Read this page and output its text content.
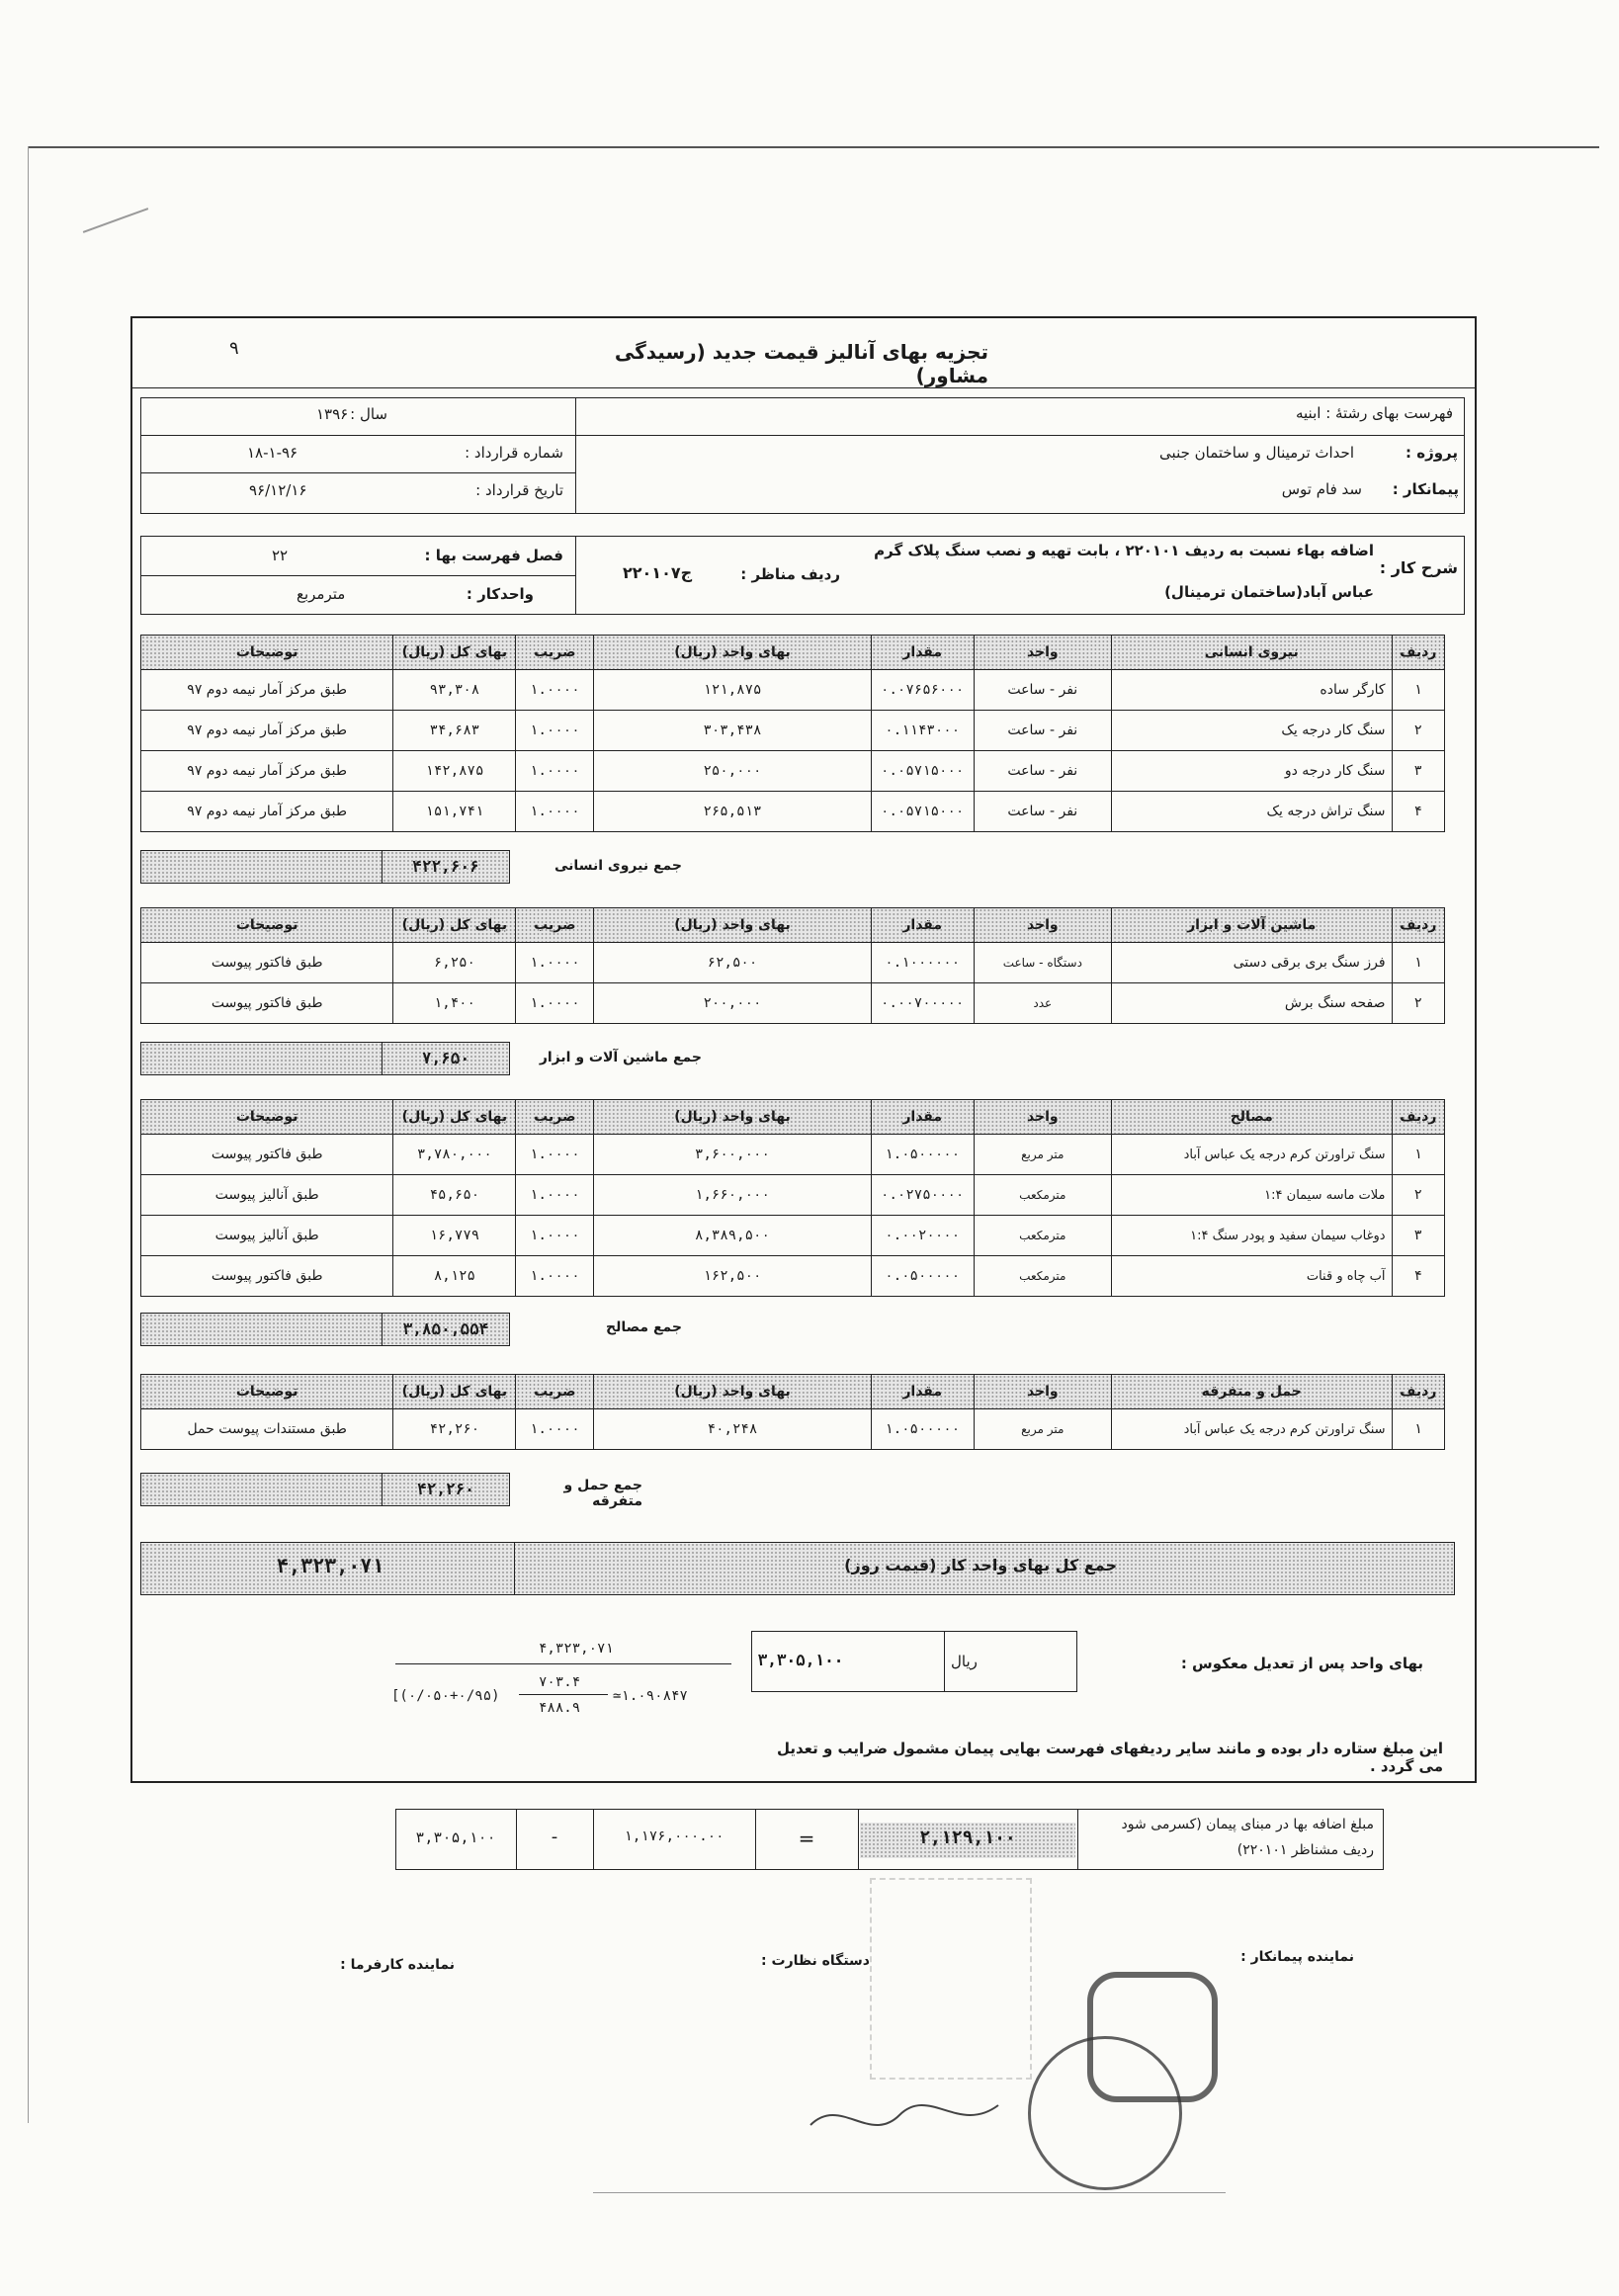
تجزیه بهای آنالیز قیمت جدید (رسیدگی مشاور)
۹
فهرست بهای رشتهٔ : ابنیه
سال :
۱۳۹۶
پروژه :
احداث ترمینال و ساختمان جنبی
پیمانکار :
سد فام توس
شماره قرارداد :
۱۸-۱-۹۶
تاریخ قرارداد :
۹۶/۱۲/۱۶
شرح کار :
اضافه بهاء نسبت به ردیف ۲۲۰۱۰۱ ، بابت تهیه و نصب سنگ پلاک گرم
عباس آباد(ساختمان ترمینال)
ردیف مناظر :
ج۲۲۰۱۰۷
فصل فهرست بها :
۲۲
واحدکار :
مترمربع
ردیف	نیروی انسانی	واحد	مقدار	بهای واحد (ریال)	ضریب	بهای کل (ریال)	توضیحات
۱	کارگر ساده	نفر - ساعت	۰.۰۷۶۵۶۰۰۰	۱۲۱,۸۷۵	۱.۰۰۰۰	۹۳,۳۰۸	طبق مرکز آمار نیمه دوم ۹۷
۲	سنگ کار درجه یک	نفر - ساعت	۰.۱۱۴۳۰۰۰	۳۰۳,۴۳۸	۱.۰۰۰۰	۳۴,۶۸۳	طبق مرکز آمار نیمه دوم ۹۷
۳	سنگ کار درجه دو	نفر - ساعت	۰.۰۵۷۱۵۰۰۰	۲۵۰,۰۰۰	۱.۰۰۰۰	۱۴۲,۸۷۵	طبق مرکز آمار نیمه دوم ۹۷
۴	سنگ تراش درجه یک	نفر - ساعت	۰.۰۵۷۱۵۰۰۰	۲۶۵,۵۱۳	۱.۰۰۰۰	۱۵۱,۷۴۱	طبق مرکز آمار نیمه دوم ۹۷
جمع نیروی انسانی
۴۲۲,۶۰۶
ردیف	ماشین آلات و ابزار	واحد	مقدار	بهای واحد (ریال)	ضریب	بهای کل (ریال)	توضیحات
۱	فرز سنگ بری برقی دستی	دستگاه - ساعت	۰.۱۰۰۰۰۰۰	۶۲,۵۰۰	۱.۰۰۰۰	۶,۲۵۰	طبق فاکتور پیوست
۲	صفحه سنگ برش	عدد	۰.۰۰۷۰۰۰۰۰	۲۰۰,۰۰۰	۱.۰۰۰۰	۱,۴۰۰	طبق فاکتور پیوست
جمع ماشین آلات و ابزار
۷,۶۵۰
ردیف	مصالح	واحد	مقدار	بهای واحد (ریال)	ضریب	بهای کل (ریال)	توضیحات
۱	سنگ تراورتن کرم درجه یک عباس آباد	متر مربع	۱.۰۵۰۰۰۰۰	۳,۶۰۰,۰۰۰	۱.۰۰۰۰	۳,۷۸۰,۰۰۰	طبق فاکتور پیوست
۲	ملات ماسه سیمان ۱:۴	مترمکعب	۰.۰۲۷۵۰۰۰۰	۱,۶۶۰,۰۰۰	۱.۰۰۰۰	۴۵,۶۵۰	طبق آنالیز پیوست
۳	دوغاب سیمان سفید و پودر سنگ ۱:۴	مترمکعب	۰.۰۰۲۰۰۰۰	۸,۳۸۹,۵۰۰	۱.۰۰۰۰	۱۶,۷۷۹	طبق آنالیز پیوست
۴	آب چاه و قنات	مترمکعب	۰.۰۵۰۰۰۰۰	۱۶۲,۵۰۰	۱.۰۰۰۰	۸,۱۲۵	طبق فاکتور پیوست
جمع مصالح
۳,۸۵۰,۵۵۴
ردیف	حمل و متفرقه	واحد	مقدار	بهای واحد (ریال)	ضریب	بهای کل (ریال)	توضیحات
۱	سنگ تراورتن کرم درجه یک عباس آباد	متر مربع	۱.۰۵۰۰۰۰۰	۴۰,۲۴۸	۱.۰۰۰۰	۴۲,۲۶۰	طبق مستندات پیوست حمل
جمع حمل و متفرقه
۴۲,۲۶۰
جمع کل بهای واحد کار (قیمت روز)
۴,۳۲۳,۰۷۱
بهای واحد پس از تعدیل معکوس :
ریال
۳,۳۰۵,۱۰۰
۴,۳۲۳,۰۷۱
۷۰۳.۴
۴۸۸.۹
[(۰/۰۵۰+۰/۹۵)	≃۱.۰۹۰۸۴۷
این مبلغ ستاره دار بوده و مانند سایر ردیفهای فهرست بهایی پیمان مشمول ضرایب و تعدیل می گردد .
مبلغ اضافه بها در مبنای پیمان (کسرمی شود
ردیف مشناظر ۲۲۰۱۰۱)
۲,۱۲۹,۱۰۰
=
۱,۱۷۶,۰۰۰.۰۰
-
۳,۳۰۵,۱۰۰
نماینده پیمانکار :
دستگاه نظارت :
نماینده کارفرما :
